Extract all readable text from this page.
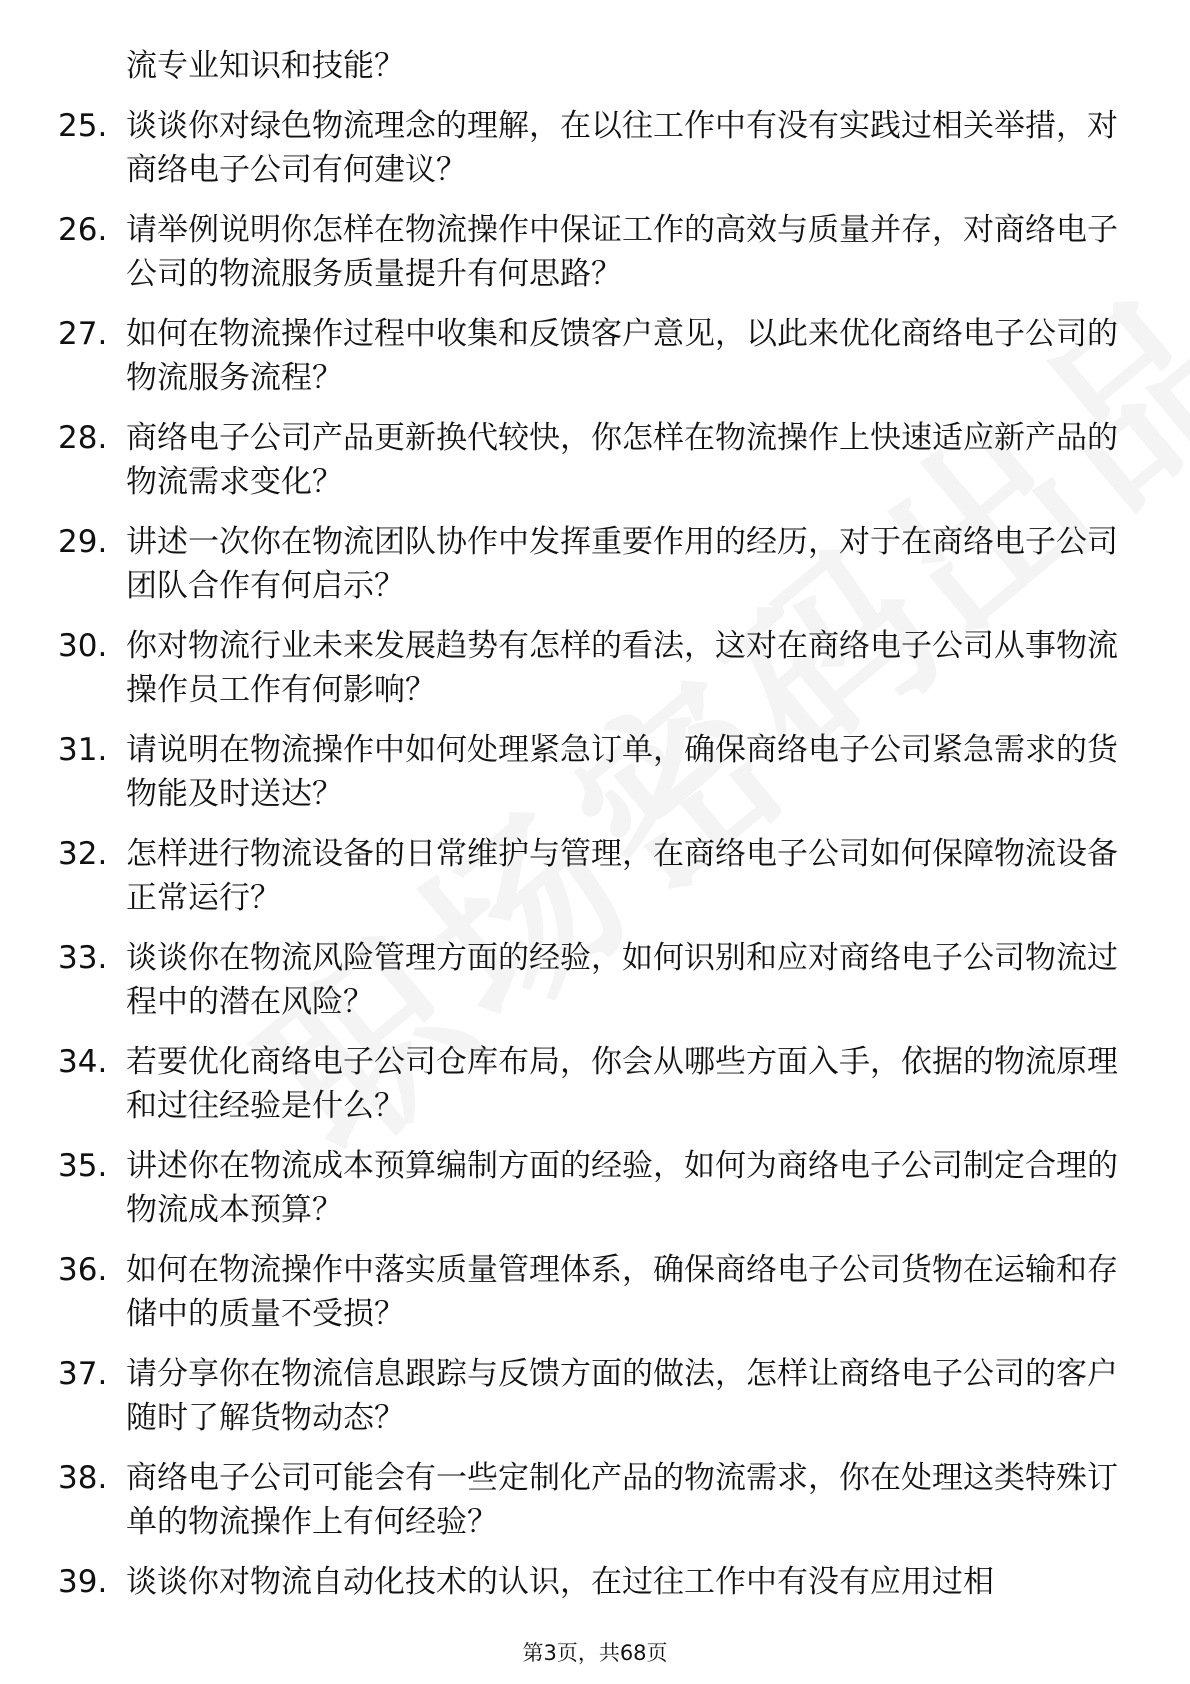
流专业知识和技能？
25. 谈谈你对绿色物流理念的理解，在以往工作中有没有实践过相关举措，对商络电子公司有何建议？
26. 请举例说明你怎样在物流操作中保证工作的高效与质量并存，对商络电子公司的物流服务质量提升有何思路？
27. 如何在物流操作过程中收集和反馈客户意见，以此来优化商络电子公司的物流服务流程？
28. 商络电子公司产品更新换代较快，你怎样在物流操作上快速适应新产品的物流需求变化？
29. 讲述一次你在物流团队协作中发挥重要作用的经历，对于在商络电子公司团队合作有何启示？
30. 你对物流行业未来发展趋势有怎样的看法，这对在商络电子公司从事物流操作员工作有何影响？
31. 请说明在物流操作中如何处理紧急订单，确保商络电子公司紧急需求的货物能及时送达？
32. 怎样进行物流设备的日常维护与管理，在商络电子公司如何保障物流设备正常运行？
33. 谈谈你在物流风险管理方面的经验，如何识别和应对商络电子公司物流过程中的潜在风险？
34. 若要优化商络电子公司仓库布局，你会从哪些方面入手，依据的物流原理和过往经验是什么？
35. 讲述你在物流成本预算编制方面的经验，如何为商络电子公司制定合理的物流成本预算？
36. 如何在物流操作中落实质量管理体系，确保商络电子公司货物在运输和存储中的质量不受损？
37. 请分享你在物流信息跟踪与反馈方面的做法，怎样让商络电子公司的客户随时了解货物动态？
38. 商络电子公司可能会有一些定制化产品的物流需求，你在处理这类特殊订单的物流操作上有何经验？
39. 谈谈你对物流自动化技术的认识，在过往工作中有没有应用过相
第3页，共68页
